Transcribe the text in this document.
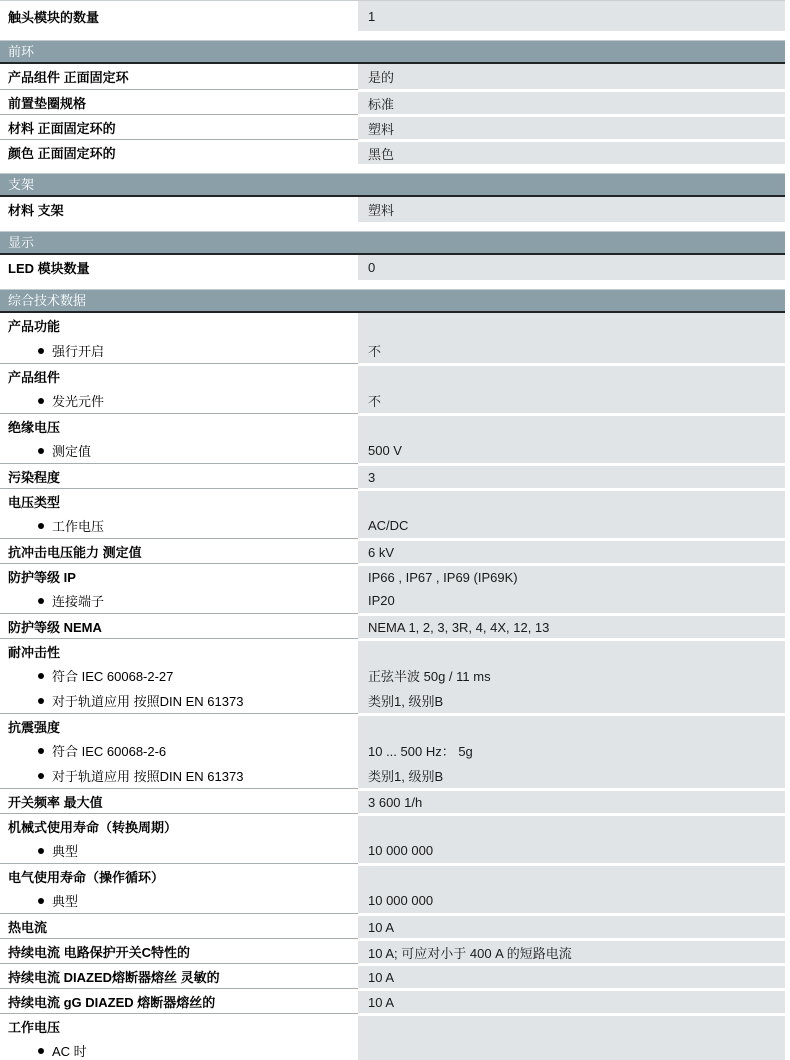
触头模块的数量	1
前环
产品组件 正面固定环	是的
前置垫圈规格	标准
材料 正面固定环的	塑料
颜色 正面固定环的	黑色
支架
材料 支架	塑料
显示
LED 模块数量	0
综合技术数据
产品功能
强行开启	不
产品组件
发光元件	不
绝缘电压
测定值	500 V
污染程度	3
电压类型
工作电压	AC/DC
抗冲击电压能力 测定值	6 kV
防护等级 IP	IP66 , IP67 , IP69 (IP69K)
连接端子	IP20
防护等级 NEMA	NEMA 1, 2, 3, 3R, 4, 4X, 12, 13
耐冲击性
符合 IEC 60068-2-27	正弦半波 50g / 11 ms
对于轨道应用 按照DIN EN 61373	类别1, 级别B
抗震强度
符合 IEC 60068-2-6	10 ... 500 Hz： 5g
对于轨道应用 按照DIN EN 61373	类别1, 级别B
开关频率 最大值	3 600 1/h
机械式使用寿命（转换周期）
典型	10 000 000
电气使用寿命（操作循环）
典型	10 000 000
热电流	10 A
持续电流 电路保护开关C特性的	10 A; 可应对小于 400 A 的短路电流
持续电流 DIAZED熔断器熔丝 灵敏的	10 A
持续电流 gG DIAZED 熔断器熔丝的	10 A
工作电压
AC 时
